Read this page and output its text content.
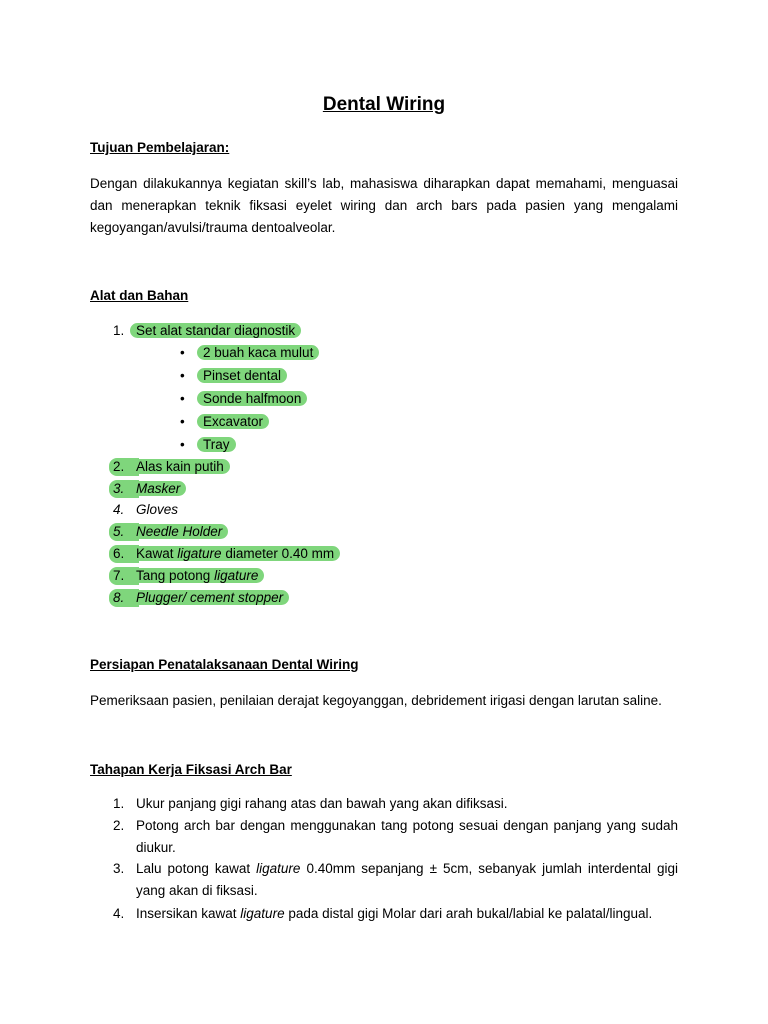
Dental Wiring
Tujuan Pembelajaran:

Dengan dilakukannya kegiatan skill’s lab, mahasiswa diharapkan dapat memahami, menguasai dan menerapkan teknik fiksasi eyelet wiring dan arch bars pada pasien yang mengalami kegoyangan/avulsi/trauma dentoalveolar.

Alat dan Bahan
1. Set alat standar diagnostik
• 2 buah kaca mulut
• Pinset dental
• Sonde halfmoon
• Excavator
• Tray
2. Alas kain putih
3. Masker
4. Gloves
5. Needle Holder
6. Kawat ligature diameter 0.40 mm
7. Tang potong ligature
8. Plugger/ cement stopper
Persiapan Penatalaksanaan Dental Wiring

Pemeriksaan pasien, penilaian derajat kegoyanggan, debridement irigasi dengan larutan saline.

Tahapan Kerja Fiksasi Arch Bar
1. Ukur panjang gigi rahang atas dan bawah yang akan difiksasi.
2. Potong arch bar dengan menggunakan tang potong sesuai dengan panjang yang sudah diukur.
3. Lalu potong kawat ligature 0.40mm sepanjang ± 5cm, sebanyak jumlah interdental gigi yang akan di fiksasi.
4. Insersikan kawat ligature pada distal gigi Molar dari arah bukal/labial ke palatal/lingual.
